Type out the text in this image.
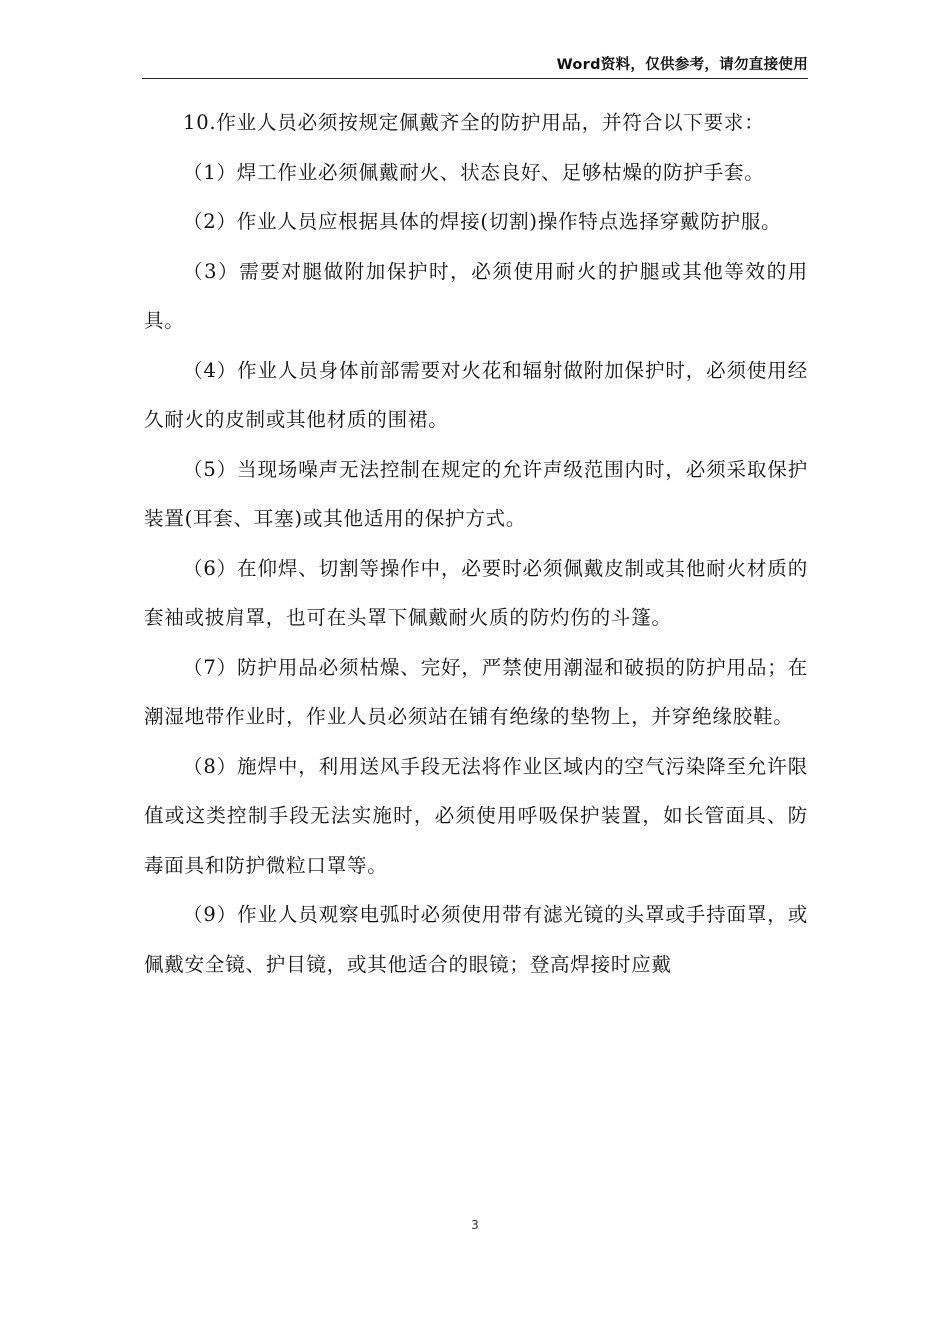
Word资料，仅供参考，请勿直接使用

10.作业人员必须按规定佩戴齐全的防护用品，并符合以下要求：

（1）焊工作业必须佩戴耐火、状态良好、足够枯燥的防护手套。

（2）作业人员应根据具体的焊接(切割)操作特点选择穿戴防护服。

（3）需要对腿做附加保护时，必须使用耐火的护腿或其他等效的用具。

（4）作业人员身体前部需要对火花和辐射做附加保护时，必须使用经久耐火的皮制或其他材质的围裙。

（5）当现场噪声无法控制在规定的允许声级范围内时，必须采取保护装置(耳套、耳塞)或其他适用的保护方式。

（6）在仰焊、切割等操作中，必要时必须佩戴皮制或其他耐火材质的套袖或披肩罩，也可在头罩下佩戴耐火质的防灼伤的斗篷。

（7）防护用品必须枯燥、完好，严禁使用潮湿和破损的防护用品；在潮湿地带作业时，作业人员必须站在铺有绝缘的垫物上，并穿绝缘胶鞋。

（8）施焊中，利用送风手段无法将作业区域内的空气污染降至允许限值或这类控制手段无法实施时，必须使用呼吸保护装置，如长管面具、防毒面具和防护微粒口罩等。

（9）作业人员观察电弧时必须使用带有滤光镜的头罩或手持面罩，或佩戴安全镜、护目镜，或其他适合的眼镜；登高焊接时应戴

3
